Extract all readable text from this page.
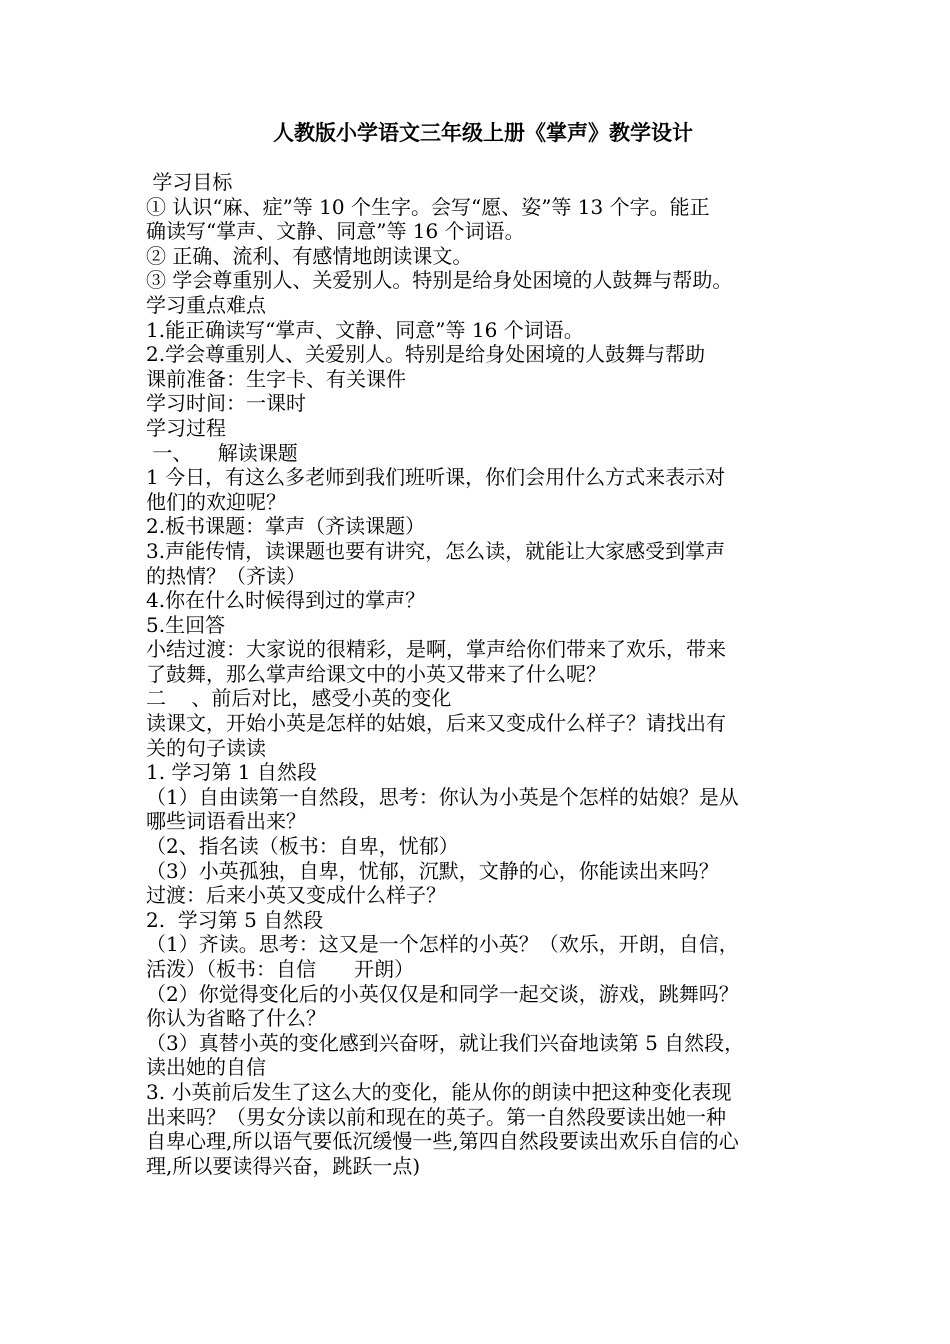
人教版小学语文三年级上册《掌声》教学设计
学习目标
① 认识“麻、症”等 10 个生字。会写“愿、姿”等 13 个字。能正
确读写“掌声、文静、同意”等 16 个词语。
② 正确、流利、有感情地朗读课文。
③ 学会尊重别人、关爱别人。特别是给身处困境的人鼓舞与帮助。
学习重点难点
1.能正确读写“掌声、文静、同意”等 16 个词语。
2.学会尊重别人、关爱别人。特别是给身处困境的人鼓舞与帮助
课前准备：生字卡、有关课件
学习时间：一课时
学习过程
一、    解读课题
1 今日，有这么多老师到我们班听课，你们会用什么方式来表示对
他们的欢迎呢？
2.板书课题：掌声（齐读课题）
3.声能传情，读课题也要有讲究，怎么读，就能让大家感受到掌声
的热情？（齐读）
4.你在什么时候得到过的掌声？
5.生回答
小结过渡：大家说的很精彩，是啊，掌声给你们带来了欢乐，带来
了鼓舞，那么掌声给课文中的小英又带来了什么呢？
二    、前后对比，感受小英的变化
读课文，开始小英是怎样的姑娘，后来又变成什么样子？请找出有
关的句子读读
1. 学习第 1 自然段
（1）自由读第一自然段，思考：你认为小英是个怎样的姑娘？是从
哪些词语看出来？
（2、指名读（板书：自卑，忧郁）
（3）小英孤独，自卑，忧郁，沉默，文静的心，你能读出来吗？
过渡：后来小英又变成什么样子？
2.  学习第 5 自然段
（1）齐读。思考：这又是一个怎样的小英？（欢乐，开朗，自信，
活泼）（板书：自信      开朗）
（2）你觉得变化后的小英仅仅是和同学一起交谈，游戏，跳舞吗？
你认为省略了什么？
（3）真替小英的变化感到兴奋呀，就让我们兴奋地读第 5 自然段，
读出她的自信
3. 小英前后发生了这么大的变化，能从你的朗读中把这种变化表现
出来吗？（男女分读以前和现在的英子。第一自然段要读出她一种
自卑心理,所以语气要低沉缓慢一些,第四自然段要读出欢乐自信的心
理,所以要读得兴奋，跳跃一点)
